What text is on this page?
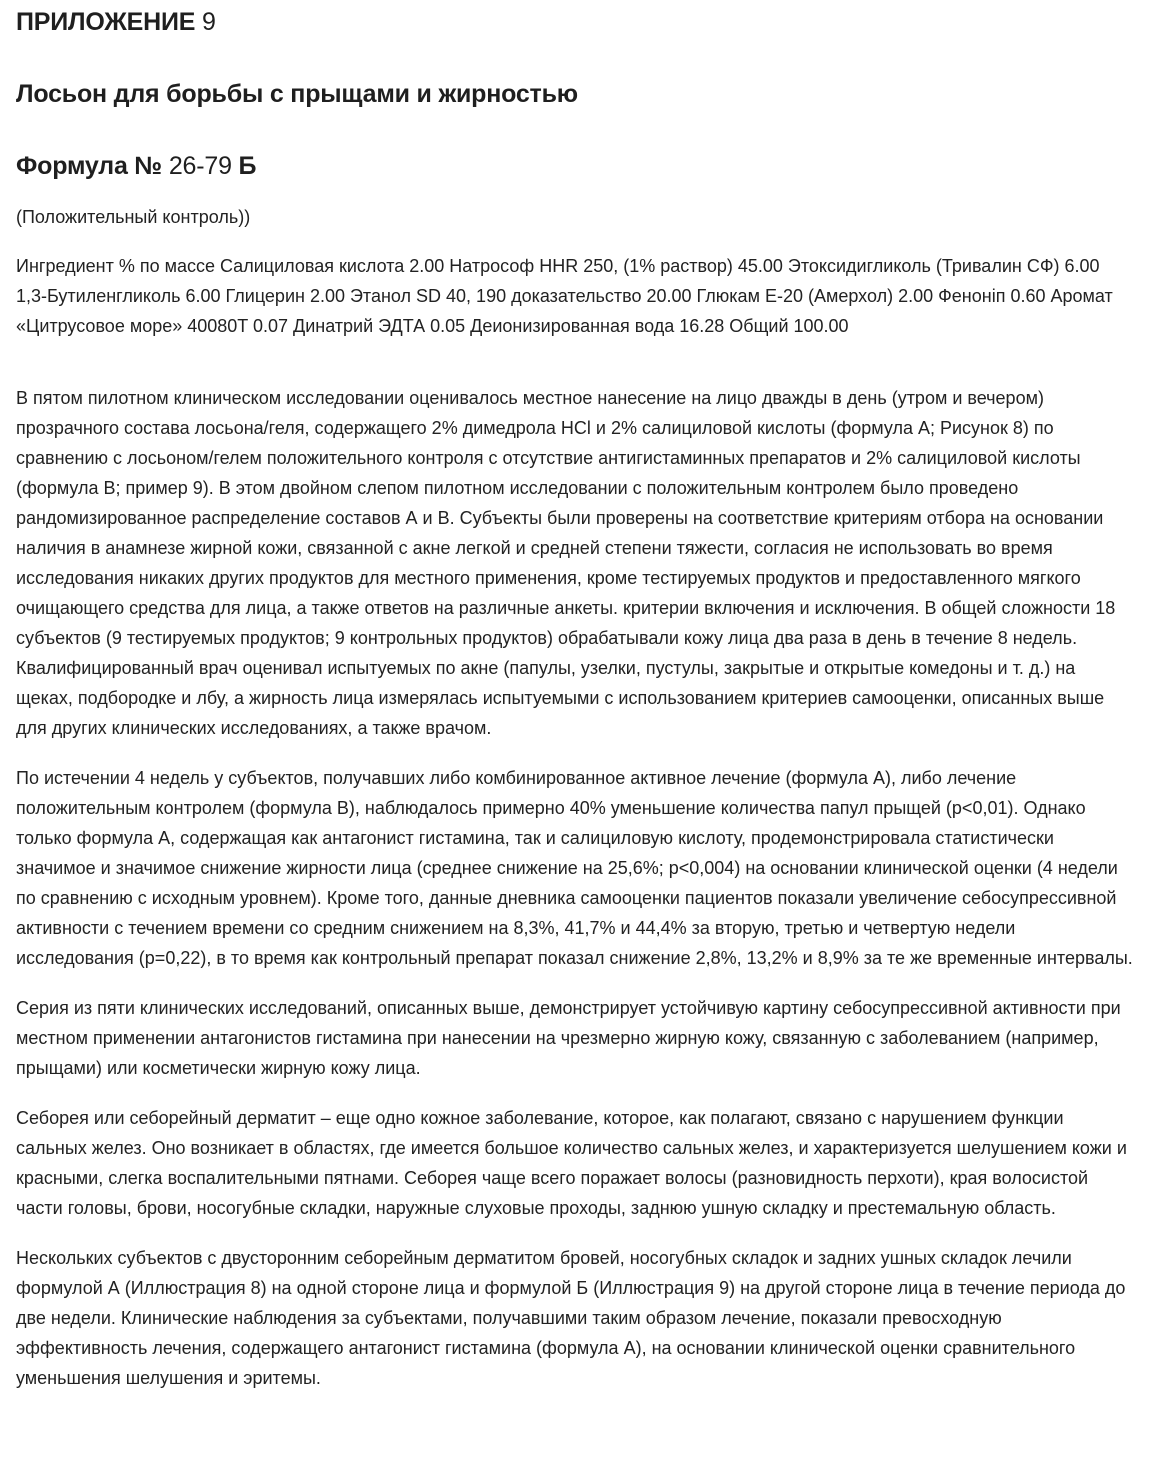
ПРИЛОЖЕНИЕ 9
Лосьон для борьбы с прыщами и жирностью
Формула № 26-79 Б

(Положительный контроль))

Ингредиент % по массе Салициловая кислота 2.00 Натрософ HHR 250, (1% раствор) 45.00 Этоксидигликоль (Тривалин СФ) 6.00 1,3-Бутиленгликоль 6.00 Глицерин 2.00 Этанол SD 40, 190 доказательство 20.00 Глюкам Е-20 (Амерхол) 2.00 Феноніп 0.60 Аромат «Цитрусовое море» 40080T 0.07 Динатрий ЭДТА 0.05 Деионизированная вода 16.28 Общий 100.00

В пятом пилотном клиническом исследовании оценивалось местное нанесение на лицо дважды в день (утром и вечером) прозрачного состава лосьона/геля, содержащего 2% димедрола HCl и 2% салициловой кислоты (формула А; Рисунок 8) по сравнению с лосьоном/гелем положительного контроля с отсутствие антигистаминных препаратов и 2% салициловой кислоты (формула B; пример 9). В этом двойном слепом пилотном исследовании с положительным контролем было проведено рандомизированное распределение составов А и В. Субъекты были проверены на соответствие критериям отбора на основании наличия в анамнезе жирной кожи, связанной с акне легкой и средней степени тяжести, согласия не использовать во время исследования никаких других продуктов для местного применения, кроме тестируемых продуктов и предоставленного мягкого очищающего средства для лица, а также ответов на различные анкеты. критерии включения и исключения. В общей сложности 18 субъектов (9 тестируемых продуктов; 9 контрольных продуктов) обрабатывали кожу лица два раза в день в течение 8 недель. Квалифицированный врач оценивал испытуемых по акне (папулы, узелки, пустулы, закрытые и открытые комедоны и т. д.) на щеках, подбородке и лбу, а жирность лица измерялась испытуемыми с использованием критериев самооценки, описанных выше для других клинических исследованиях, а также врачом.

По истечении 4 недель у субъектов, получавших либо комбинированное активное лечение (формула А), либо лечение положительным контролем (формула В), наблюдалось примерно 40% уменьшение количества папул прыщей (p<0,01). Однако только формула А, содержащая как антагонист гистамина, так и салициловую кислоту, продемонстрировала статистически значимое и значимое снижение жирности лица (среднее снижение на 25,6%; p<0,004) на основании клинической оценки (4 недели по сравнению с исходным уровнем). Кроме того, данные дневника самооценки пациентов показали увеличение себосупрессивной активности с течением времени со средним снижением на 8,3%, 41,7% и 44,4% за вторую, третью и четвертую недели исследования (p=0,22), в то время как контрольный препарат показал снижение 2,8%, 13,2% и 8,9% за те же временные интервалы.

Серия из пяти клинических исследований, описанных выше, демонстрирует устойчивую картину себосупрессивной активности при местном применении антагонистов гистамина при нанесении на чрезмерно жирную кожу, связанную с заболеванием (например, прыщами) или косметически жирную кожу лица.

Себорея или себорейный дерматит – еще одно кожное заболевание, которое, как полагают, связано с нарушением функции сальных желез. Оно возникает в областях, где имеется большое количество сальных желез, и характеризуется шелушением кожи и красными, слегка воспалительными пятнами. Себорея чаще всего поражает волосы (разновидность перхоти), края волосистой части головы, брови, носогубные складки, наружные слуховые проходы, заднюю ушную складку и престемальную область.

Нескольких субъектов с двусторонним себорейным дерматитом бровей, носогубных складок и задних ушных складок лечили формулой А (Иллюстрация 8) на одной стороне лица и формулой Б (Иллюстрация 9) на другой стороне лица в течение периода до две недели. Клинические наблюдения за субъектами, получавшими таким образом лечение, показали превосходную эффективность лечения, содержащего антагонист гистамина (формула А), на основании клинической оценки сравнительного уменьшения шелушения и эритемы.
